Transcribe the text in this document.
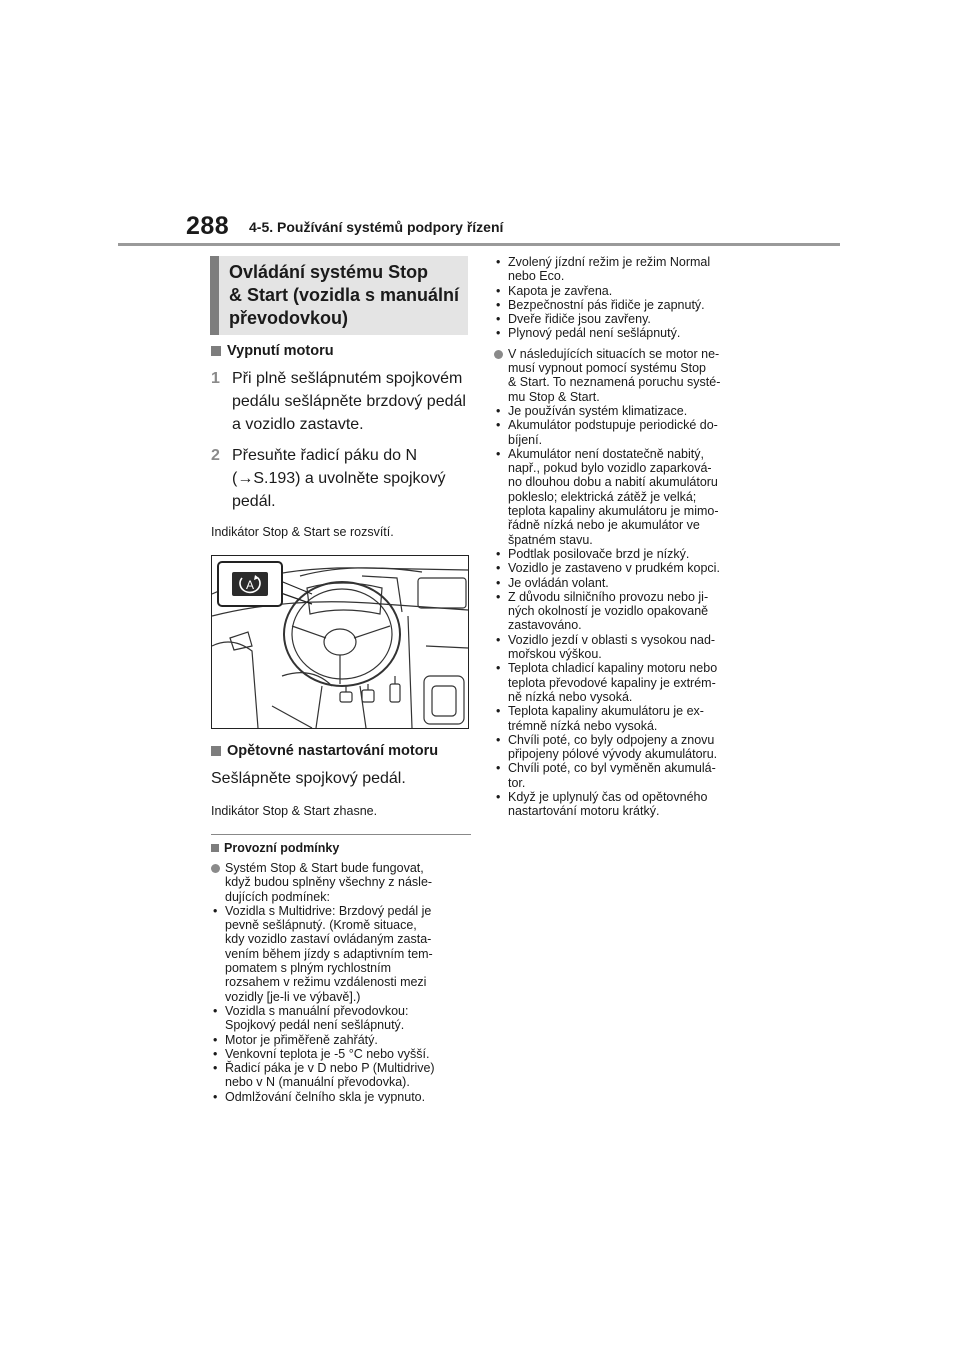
288 4-5. Používání systémů podpory řízení
Ovládání systému Stop
& Start (vozidla s manuální
převodovkou)
Vypnutí motoru
1 Při plně sešlápnutém spojkovém
pedálu sešlápněte brzdový pedál
a vozidlo zastavte.
2 Přesuňte řadicí páku do N
(→S.193) a uvolněte spojkový
pedál.

Indikátor Stop & Start se rozsvítí.

A
Opětovné nastartování motoru
Sešlápněte spojkový pedál.

Indikátor Stop & Start zhasne.

Provozní podmínky
Systém Stop & Start bude fungovat,
když budou splněny všechny z násle-
dujících podmínek:
• Vozidla s Multidrive: Brzdový pedál je
pevně sešlápnutý. (Kromě situace,
kdy vozidlo zastaví ovládaným zasta-
vením během jízdy s adaptivním tem-
pomatem s plným rychlostním
rozsahem v režimu vzdálenosti mezi
vozidly [je-li ve výbavě].)
• Vozidla s manuální převodovkou:
Spojkový pedál není sešlápnutý.
• Motor je přiměřeně zahřátý.
• Venkovní teplota je -5 °C nebo vyšší.
• Řadicí páka je v D nebo P (Multidrive)
nebo v N (manuální převodovka).
• Odmlžování čelního skla je vypnuto.
• Zvolený jízdní režim je režim Normal
nebo Eco.
• Kapota je zavřena.
• Bezpečnostní pás řidiče je zapnutý.
• Dveře řidiče jsou zavřeny.
• Plynový pedál není sešlápnutý.
V následujících situacích se motor ne-
musí vypnout pomocí systému Stop
& Start. To neznamená poruchu systé-
mu Stop & Start.
• Je používán systém klimatizace.
• Akumulátor podstupuje periodické do-
bíjení.
• Akumulátor není dostatečně nabitý,
např., pokud bylo vozidlo zaparková-
no dlouhou dobu a nabití akumulátoru
pokleslo; elektrická zátěž je velká;
teplota kapaliny akumulátoru je mimo-
řádně nízká nebo je akumulátor ve
špatném stavu.
• Podtlak posilovače brzd je nízký.
• Vozidlo je zastaveno v prudkém kopci.
• Je ovládán volant.
• Z důvodu silničního provozu nebo ji-
ných okolností je vozidlo opakovaně
zastavováno.
• Vozidlo jezdí v oblasti s vysokou nad-
mořskou výškou.
• Teplota chladicí kapaliny motoru nebo
teplota převodové kapaliny je extrém-
ně nízká nebo vysoká.
• Teplota kapaliny akumulátoru je ex-
trémně nízká nebo vysoká.
• Chvíli poté, co byly odpojeny a znovu
připojeny pólové vývody akumulátoru.
• Chvíli poté, co byl vyměněn akumulá-
tor.
• Když je uplynulý čas od opětovného
nastartování motoru krátký.
